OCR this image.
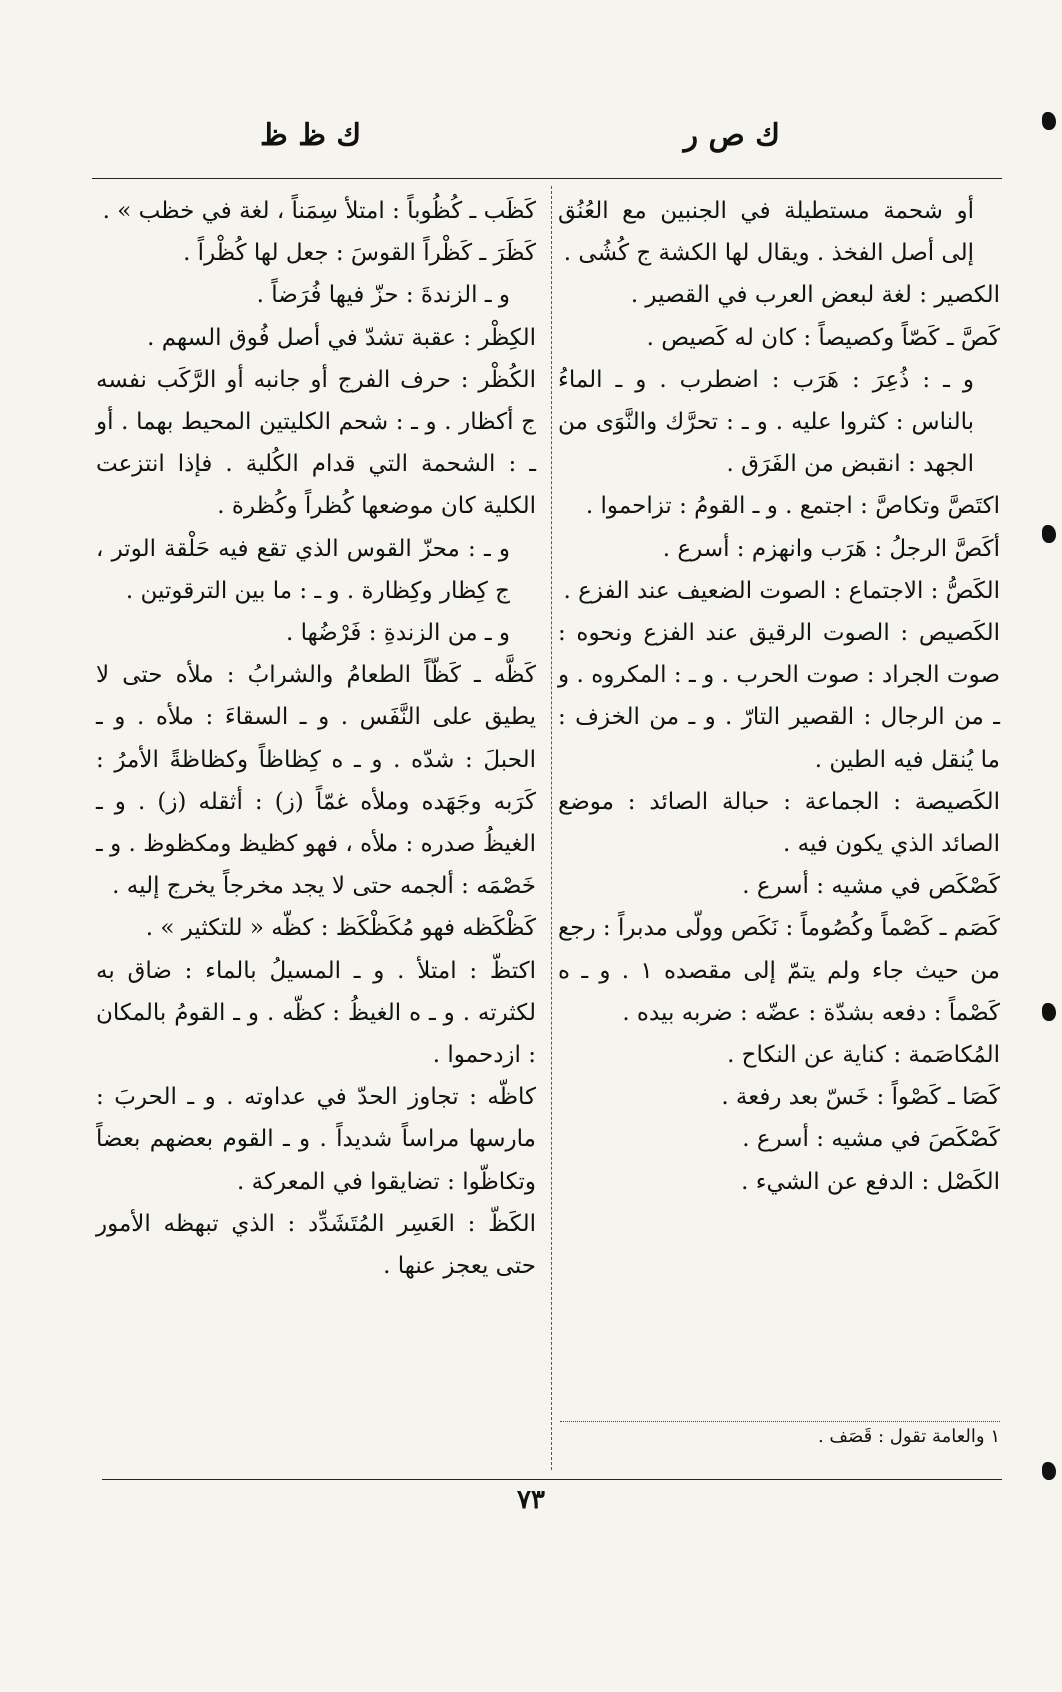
ك ص ر
ك ظ ظ

أو شحمة مستطيلة في الجنبين مع العُنُق إلى أصل الفخذ . ويقال لها الكشة ج كُشُى .

الكصير : لغة لبعض العرب في القصير .

كَصَّ ـ كَصّاً وكصيصاً : كان له كَصيص .

و ـ : ذُعِرَ : هَرَب : اضطرب . و ـ الماءُ بالناس : كثروا عليه . و ـ : تحرَّك والنَّوَى من الجهد : انقبض من الفَرَق .

اكتَصَّ وتكاصَّ : اجتمع . و ـ القومُ : تزاحموا .

أكَصَّ الرجلُ : هَرَب وانهزم : أسرع .

الكَصُّ : الاجتماع : الصوت الضعيف عند الفزع .

الكَصيص : الصوت الرقيق عند الفزع ونحوه : صوت الجراد : صوت الحرب . و ـ : المكروه . و ـ من الرجال : القصير التارّ . و ـ من الخزف : ما يُنقل فيه الطين .

الكَصيصة : الجماعة : حبالة الصائد : موضع الصائد الذي يكون فيه .

كَصْكَص في مشيه : أسرع .

كَصَم ـ كَصْماً وكُصُوماً : نَكَص وولّى مدبراً : رجع من حيث جاء ولم يتمّ إلى مقصده ١ . و ـ ه كَصْماً : دفعه بشدّة : عضّه : ضربه بيده .

المُكاصَمة : كناية عن النكاح .

كَصَا ـ كَصْواً : خَسّ بعد رفعة .

كَصْكَصَ في مشيه : أسرع .

الكَصْل : الدفع عن الشيء .

كَظَب ـ كُظُوباً : امتلأ سِمَناً ، لغة في خظب » .

كَظَرَ ـ كَظْراً القوسَ : جعل لها كُظْراً .

و ـ الزندةَ : حزّ فيها فُرَضاً .

الكِظْر : عقبة تشدّ في أصل فُوق السهم .

الكُظْر : حرف الفرج أو جانبه أو الرَّكَب نفسه ج أكظار . و ـ : شحم الكليتين المحيط بهما . أو ـ : الشحمة التي قدام الكُلية . فإذا انتزعت الكلية كان موضعها كُظراً وكُظرة .

و ـ : محزّ القوس الذي تقع فيه حَلْقة الوتر ، ج كِظار وكِظارة . و ـ : ما بين الترقوتين .

و ـ من الزندةِ : فَرْضُها .

كَظَّه ـ كَظّاً الطعامُ والشرابُ : ملأه حتى لا يطيق على النَّفَس . و ـ السقاءَ : ملأه . و ـ الحبلَ : شدّه . و ـ ه كِظاظاً وكظاظةً الأمرُ : كَرَبه وجَهَده وملأه غمّاً (ز) : أثقله (ز) . و ـ الغيظُ صدره : ملأه ، فهو كظيظ ومكظوظ . و ـ خَصْمَه : ألجمه حتى لا يجد مخرجاً يخرج إليه .

كَظْكَظه فهو مُكَظْكَظ : كظّه « للتكثير » .

اكتظّ : امتلأ . و ـ المسيلُ بالماء : ضاق به لكثرته . و ـ ه الغيظُ : كظّه . و ـ القومُ بالمكان : ازدحموا .

كاظّه : تجاوز الحدّ في عداوته . و ـ الحربَ : مارسها مراساً شديداً . و ـ القوم بعضهم بعضاً وتكاظّوا : تضايقوا في المعركة .

الكَظّ : العَسِر المُتَشَدِّد : الذي تبهظه الأمور حتى يعجز عنها .

١ والعامة تقول : قَصَف .
٧٣
